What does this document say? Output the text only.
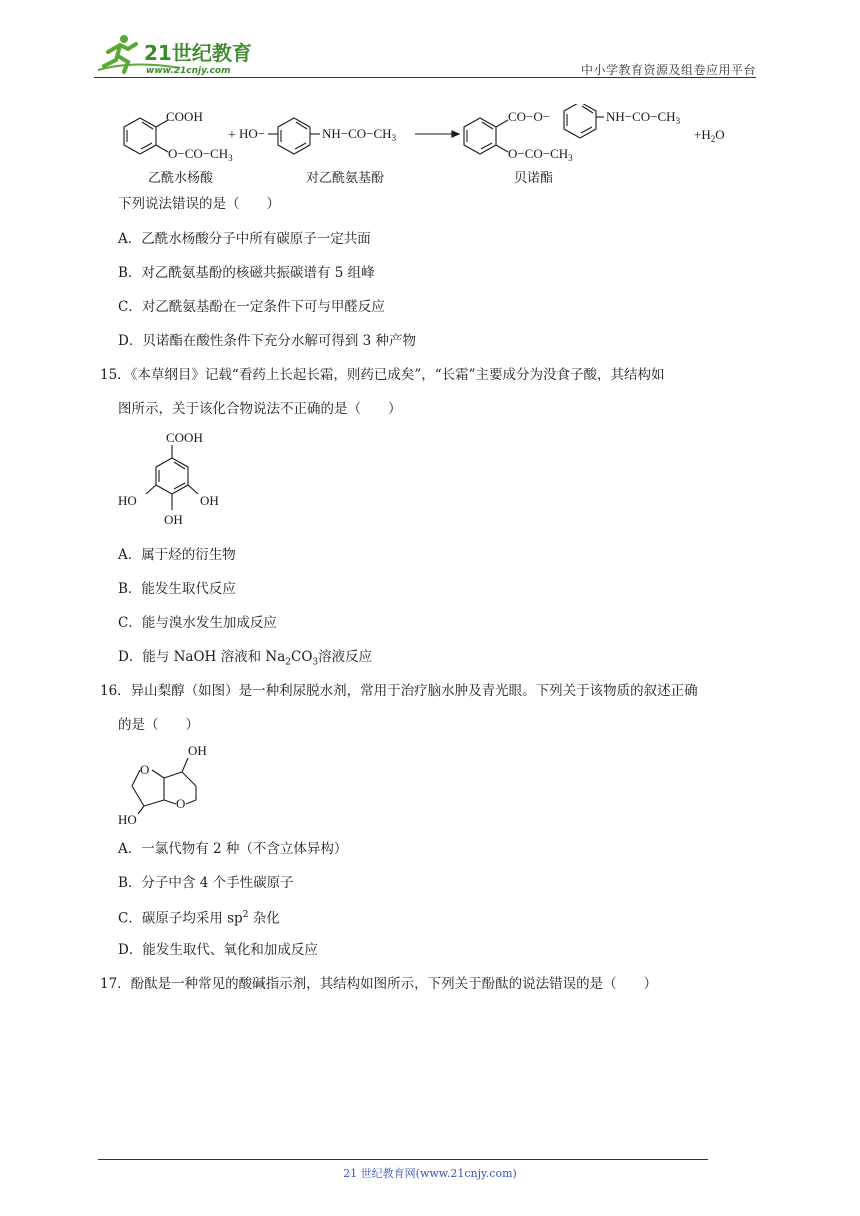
21世纪教育
www.21cnjy.com	中小学教育资源及组卷应用平台
COOH
$O-CO-CH_3$
乙酰水杨酸
+ HO−	$NH-CO-CH_3$
对乙酰氨基酚
CO−O−	$NH-CO-CH_3$
$O-CO-CH_3$
贝诺酯
$+H_2O$
下列说法错误的是（　　）
A．乙酰水杨酸分子中所有碳原子一定共面
B．对乙酰氨基酚的核磁共振碳谱有 5 组峰
C．对乙酰氨基酚在一定条件下可与甲醛反应
D．贝诺酯在酸性条件下充分水解可得到 3 种产物
15．《本草纲目》记载“看药上长起长霜，则药已成矣”，“长霜”主要成分为没食子酸，其结构如
图所示，关于该化合物说法不正确的是（　　）
COOH
HO	OH
OH
A．属于烃的衍生物
B．能发生取代反应
C．能与溴水发生加成反应
D．能与 NaOH 溶液和 $Na_2CO_3$溶液反应
16．异山梨醇（如图）是一种利尿脱水剂，常用于治疗脑水肿及青光眼。下列关于该物质的叙述正确
的是（　　）
OH
O
O
HO
A．一氯代物有 2 种（不含立体异构）
B．分子中含 4 个手性碳原子
C．碳原子均采用 $sp^2$ 杂化
D．能发生取代、氧化和加成反应
17．酚酞是一种常见的酸碱指示剂，其结构如图所示，下列关于酚酞的说法错误的是（　　）
21 世纪教育网(www.21cnjy.com)
